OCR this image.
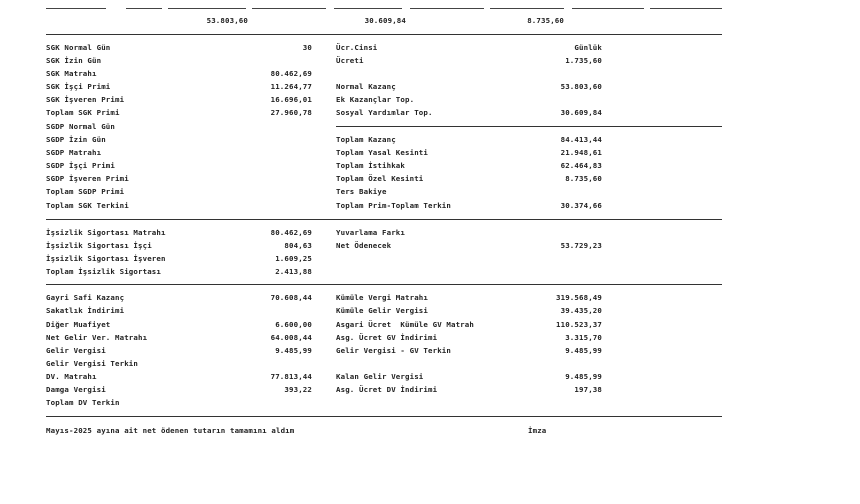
53.803,60	30.609,84	8.735,60
SGK Normal Gün	30
SGK İzin Gün
SGK Matrahı	80.462,69
SGK İşçi Primi	11.264,77
SGK İşveren Primi	16.696,01
Toplam SGK Primi	27.960,78
SGDP Normal Gün
SGDP İzin Gün
SGDP Matrahı
SGDP İşçi Primi
SGDP İşveren Primi
Toplam SGDP Primi
Toplam SGK Terkini
Ücr.Cinsi	Günlük
Ücreti	1.735,60
Normal Kazanç	53.803,60
Ek Kazançlar Top.
Sosyal Yardımlar Top.	30.609,84
Toplam Kazanç	84.413,44
Toplam Yasal Kesinti	21.948,61
Toplam İstihkak	62.464,83
Toplam Özel Kesinti	8.735,60
Ters Bakiye
Toplam Prim-Toplam Terkin	30.374,66
İşsizlik Sigortası Matrahı	80.462,69
İşsizlik Sigortası İşçi	804,63
İşsizlik Sigortası İşveren	1.609,25
Toplam İşsizlik Sigortası	2.413,88
Yuvarlama Farkı
Net Ödenecek	53.729,23
Gayri Safi Kazanç	70.608,44
Sakatlık İndirimi
Diğer Muafiyet	6.600,00
Net Gelir Ver. Matrahı	64.008,44
Gelir Vergisi	9.485,99
Gelir Vergisi Terkin
DV. Matrahı	77.813,44
Damga Vergisi	393,22
Toplam DV Terkin
Kümüle Vergi Matrahı	319.568,49
Kümüle Gelir Vergisi	39.435,20
Asgari Ücret  Kümüle GV Matrah	110.523,37
Asg. Ücret GV İndirimi	3.315,70
Gelir Vergisi - GV Terkin	9.485,99
Kalan Gelir Vergisi	9.485,99
Asg. Ücret DV İndirimi	197,38
Mayıs-2025 ayına ait net ödenen tutarın tamamını aldım	İmza
